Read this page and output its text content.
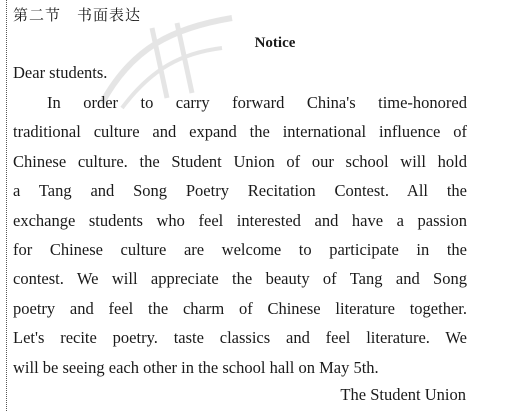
第二节　书面表达

Notice

Dear students.

In order to carry forward China's time-honored
traditional culture and expand the international influence of
Chinese culture. the Student Union of our school will hold
a Tang and Song Poetry Recitation Contest. All the
exchange students who feel interested and have a passion
for Chinese culture are welcome to participate in the
contest. We will appreciate the beauty of Tang and Song
poetry and feel the charm of Chinese literature together.
Let's recite poetry. taste classics and feel literature. We
will be seeing each other in the school hall on May 5th.

The Student Union
